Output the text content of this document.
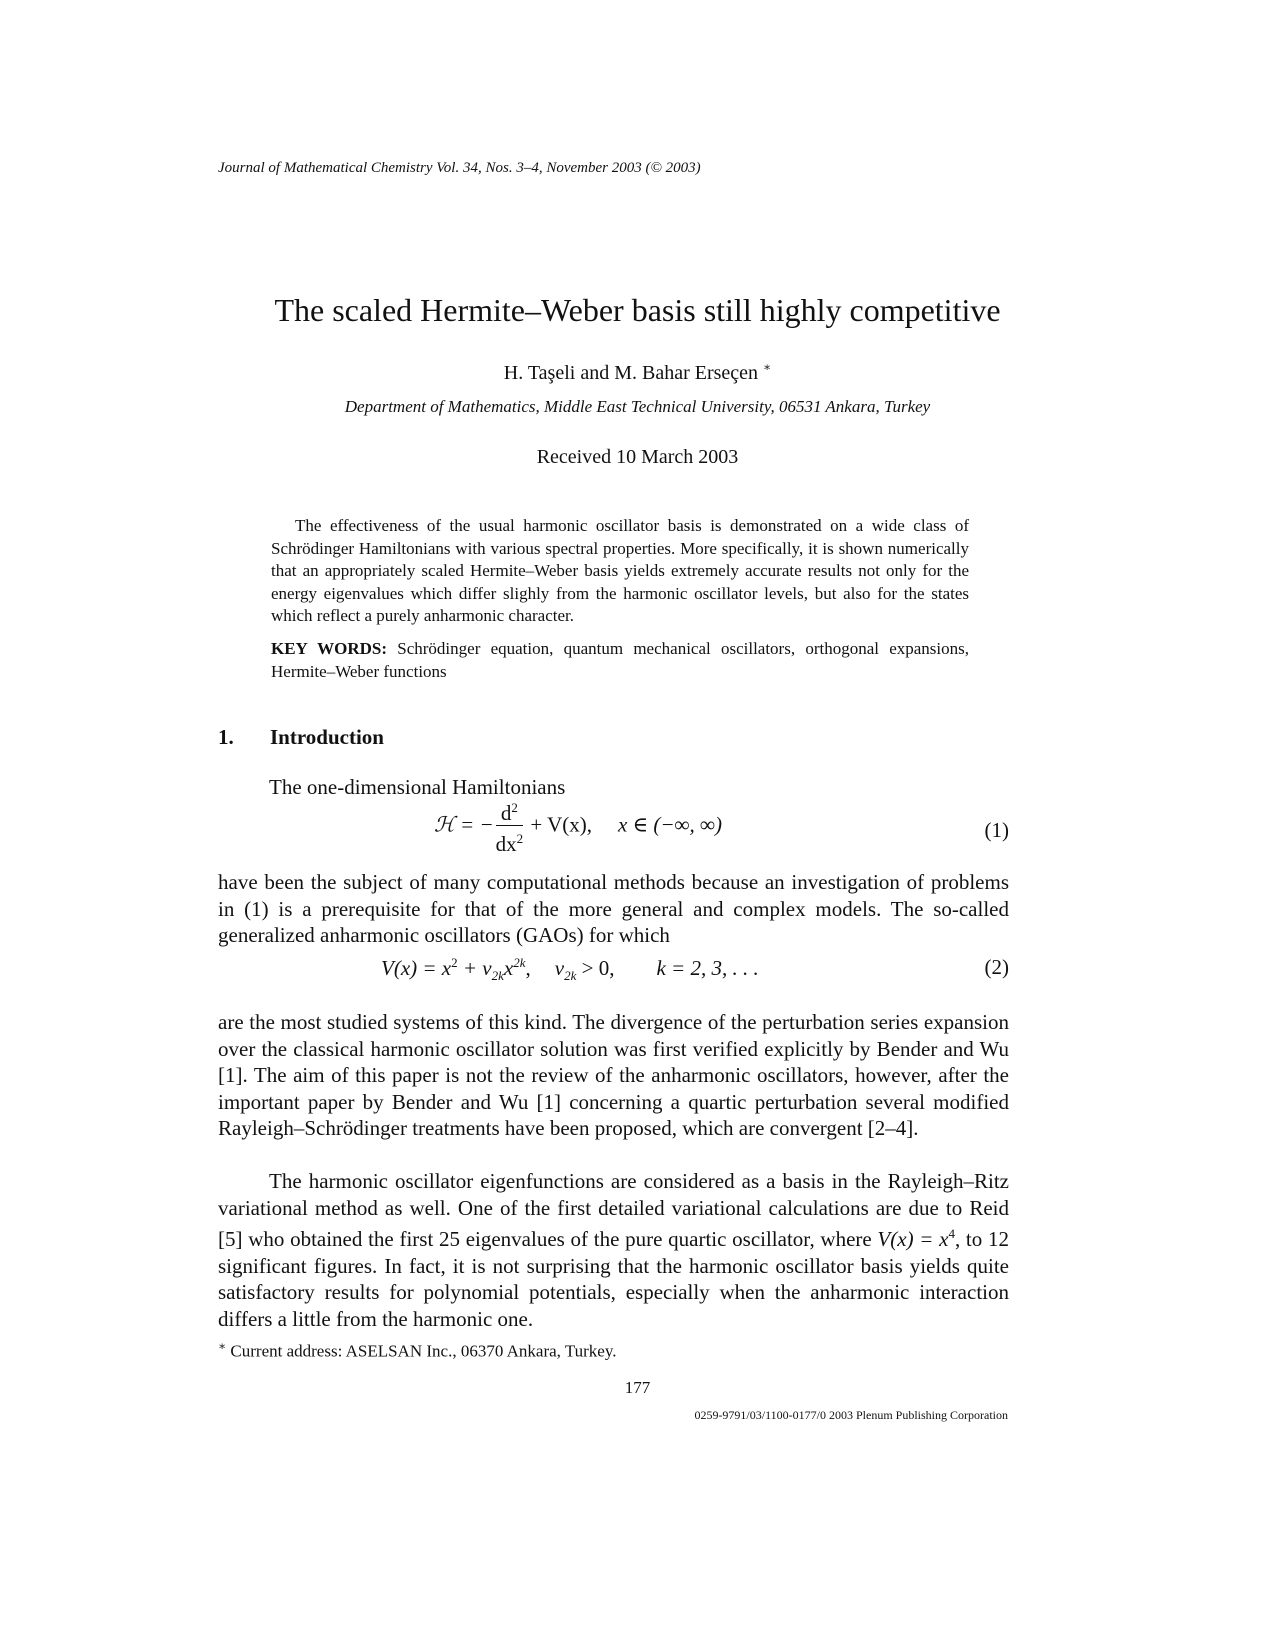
Journal of Mathematical Chemistry Vol. 34, Nos. 3–4, November 2003 (© 2003)
The scaled Hermite–Weber basis still highly competitive
H. Taşeli and M. Bahar Erseçen ∗
Department of Mathematics, Middle East Technical University, 06531 Ankara, Turkey
Received 10 March 2003

The effectiveness of the usual harmonic oscillator basis is demonstrated on a wide class of Schrödinger Hamiltonians with various spectral properties. More specifically, it is shown numerically that an appropriately scaled Hermite–Weber basis yields extremely accurate results not only for the energy eigenvalues which differ slighly from the harmonic oscillator levels, but also for the states which reflect a purely anharmonic character.

KEY WORDS: Schrödinger equation, quantum mechanical oscillators, orthogonal expansions, Hermite–Weber functions

1. Introduction

The one-dimensional Hamiltonians

ℋ = − $\frac{d^2}{dx^2} + V(x)$, x ∈ (−∞, ∞)	(1)

have been the subject of many computational methods because an investigation of problems in (1) is a prerequisite for that of the more general and complex models. The so-called generalized anharmonic oscillators (GAOs) for which

$V(x) = x^2 + v_{2k}x^{2k}$, $v_{2k} > 0$, k = 2, 3, . . .	(2)

are the most studied systems of this kind. The divergence of the perturbation series expansion over the classical harmonic oscillator solution was first verified explicitly by Bender and Wu [1]. The aim of this paper is not the review of the anharmonic oscillators, however, after the important paper by Bender and Wu [1] concerning a quartic perturbation several modified Rayleigh–Schrödinger treatments have been proposed, which are convergent [2–4].

The harmonic oscillator eigenfunctions are considered as a basis in the Rayleigh–Ritz variational method as well. One of the first detailed variational calculations are due to Reid [5] who obtained the first 25 eigenvalues of the pure quartic oscillator, where $V(x) = x^4$, to 12 significant figures. In fact, it is not surprising that the harmonic oscillator basis yields quite satisfactory results for polynomial potentials, especially when the anharmonic interaction differs a little from the harmonic one.

∗ Current address: ASELSAN Inc., 06370 Ankara, Turkey.
177
0259-9791/03/1100-0177/0 2003 Plenum Publishing Corporation
